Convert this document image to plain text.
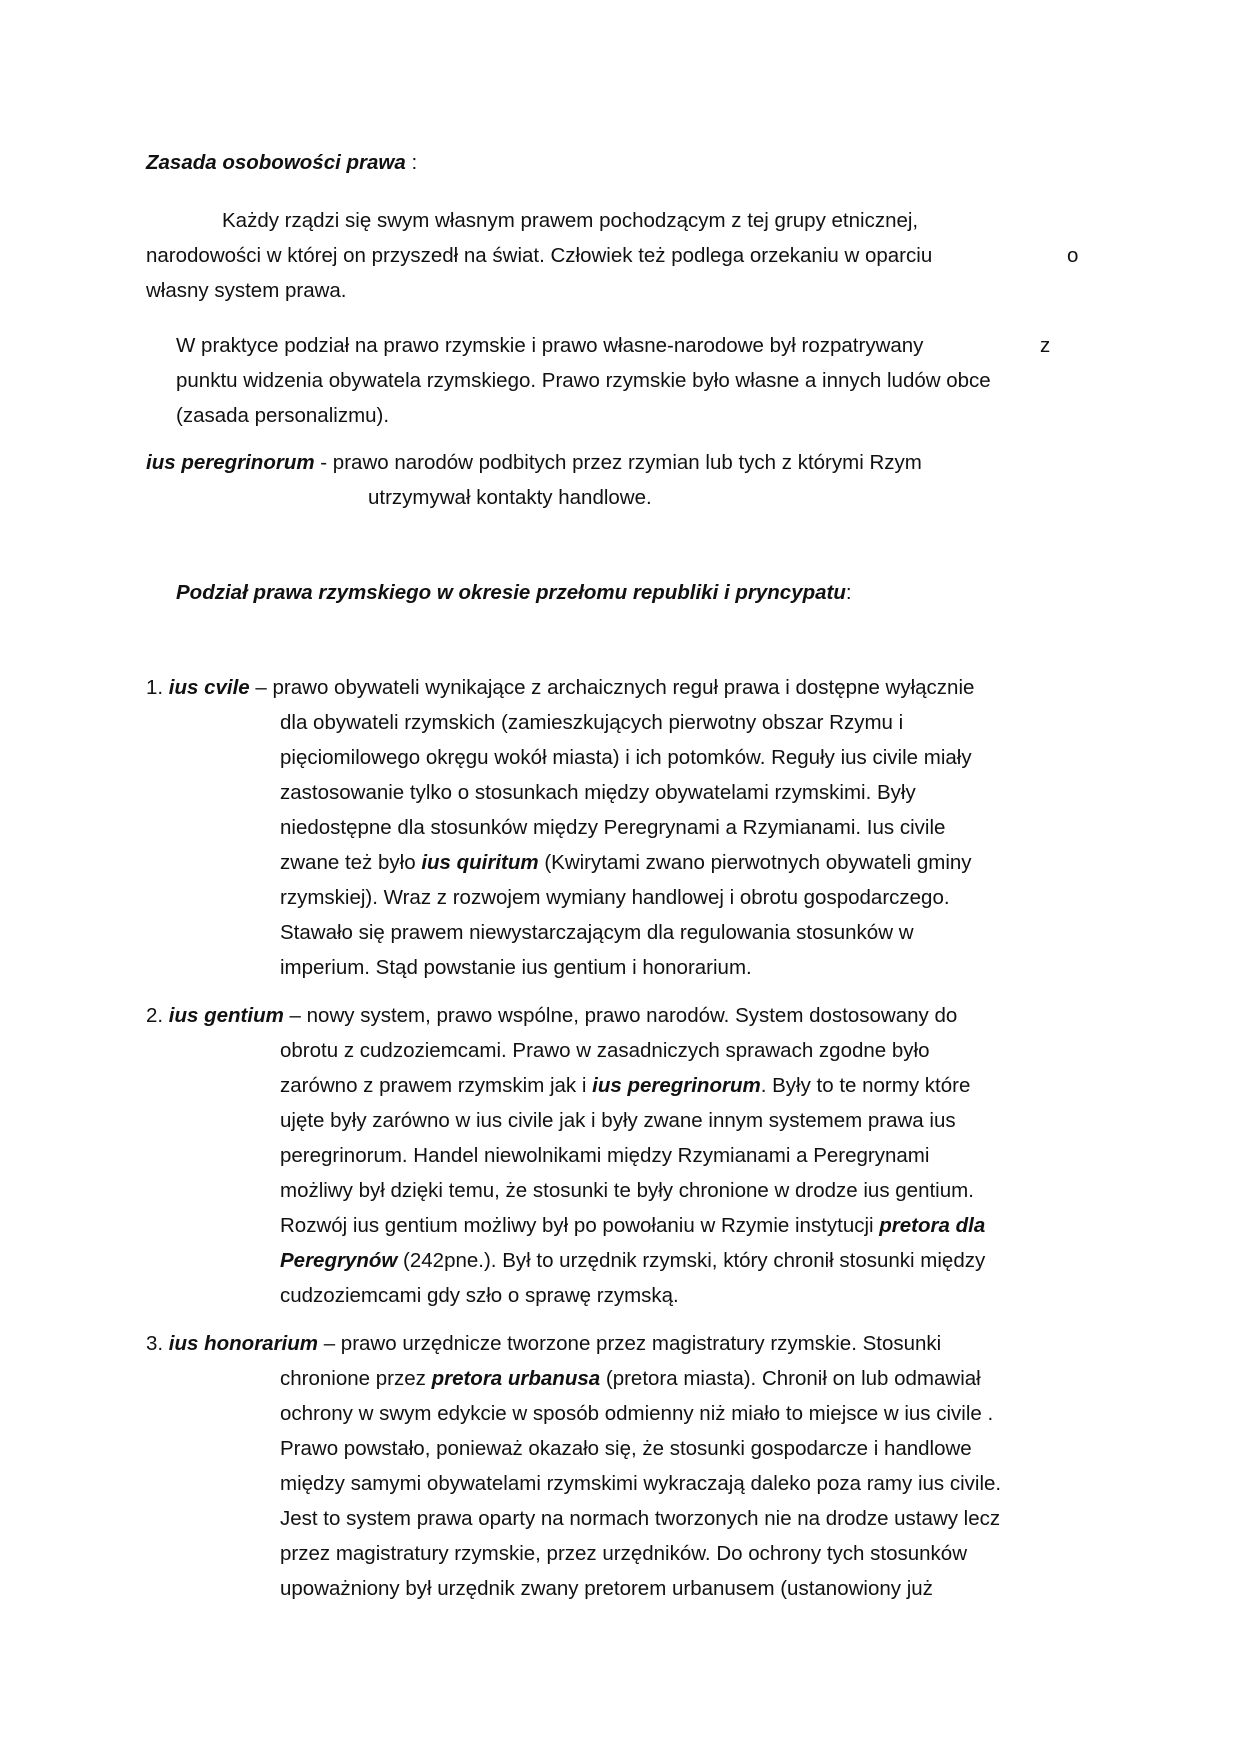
Zasada osobowości prawa :
Każdy rządzi się swym własnym prawem pochodzącym z tej grupy etnicznej,
narodowości w której on przyszedł na świat. Człowiek też podlega orzekaniu w oparciu	o
własny system prawa.
W praktyce podział na prawo rzymskie i prawo własne-narodowe był rozpatrywany	z
punktu widzenia obywatela rzymskiego. Prawo rzymskie było własne a innych ludów obce
(zasada personalizmu).
ius peregrinorum - prawo narodów podbitych przez rzymian lub tych z którymi Rzym
utrzymywał kontakty handlowe.
Podział prawa rzymskiego w okresie przełomu republiki i pryncypatu:
1. ius cvile – prawo obywateli wynikające z archaicznych reguł prawa i dostępne wyłącznie
dla obywateli rzymskich (zamieszkujących pierwotny obszar Rzymu i
pięciomilowego okręgu wokół miasta) i ich potomków. Reguły ius civile miały
zastosowanie tylko o stosunkach między obywatelami rzymskimi. Były
niedostępne dla stosunków między Peregrynami a Rzymianami. Ius civile
zwane też było ius quiritum (Kwirytami zwano pierwotnych obywateli gminy
rzymskiej). Wraz z rozwojem wymiany handlowej i obrotu gospodarczego.
Stawało się prawem niewystarczającym dla regulowania stosunków w
imperium. Stąd powstanie ius gentium i honorarium.
2. ius gentium – nowy system, prawo wspólne, prawo narodów. System dostosowany do
obrotu z cudzoziemcami. Prawo w zasadniczych sprawach zgodne było
zarówno z prawem rzymskim jak i ius peregrinorum. Były to te normy które
ujęte były zarówno w ius civile jak i były zwane innym systemem prawa ius
peregrinorum. Handel niewolnikami między Rzymianami a Peregrynami
możliwy był dzięki temu, że stosunki te były chronione w drodze ius gentium.
Rozwój ius gentium możliwy był po powołaniu w Rzymie instytucji pretora dla
Peregrynów (242pne.). Był to urzędnik rzymski, który chronił stosunki między
cudzoziemcami gdy szło o sprawę rzymską.
3. ius honorarium – prawo urzędnicze tworzone przez magistratury rzymskie. Stosunki
chronione przez pretora urbanusa (pretora miasta). Chronił on lub odmawiał
ochrony w swym edykcie w sposób odmienny niż miało to miejsce w ius civile .
Prawo powstało, ponieważ okazało się, że stosunki gospodarcze i handlowe
między samymi obywatelami rzymskimi wykraczają daleko poza ramy ius civile.
Jest to system prawa oparty na normach tworzonych nie na drodze ustawy lecz
przez magistratury rzymskie, przez urzędników. Do ochrony tych stosunków
upoważniony był urzędnik zwany pretorem urbanusem (ustanowiony już
